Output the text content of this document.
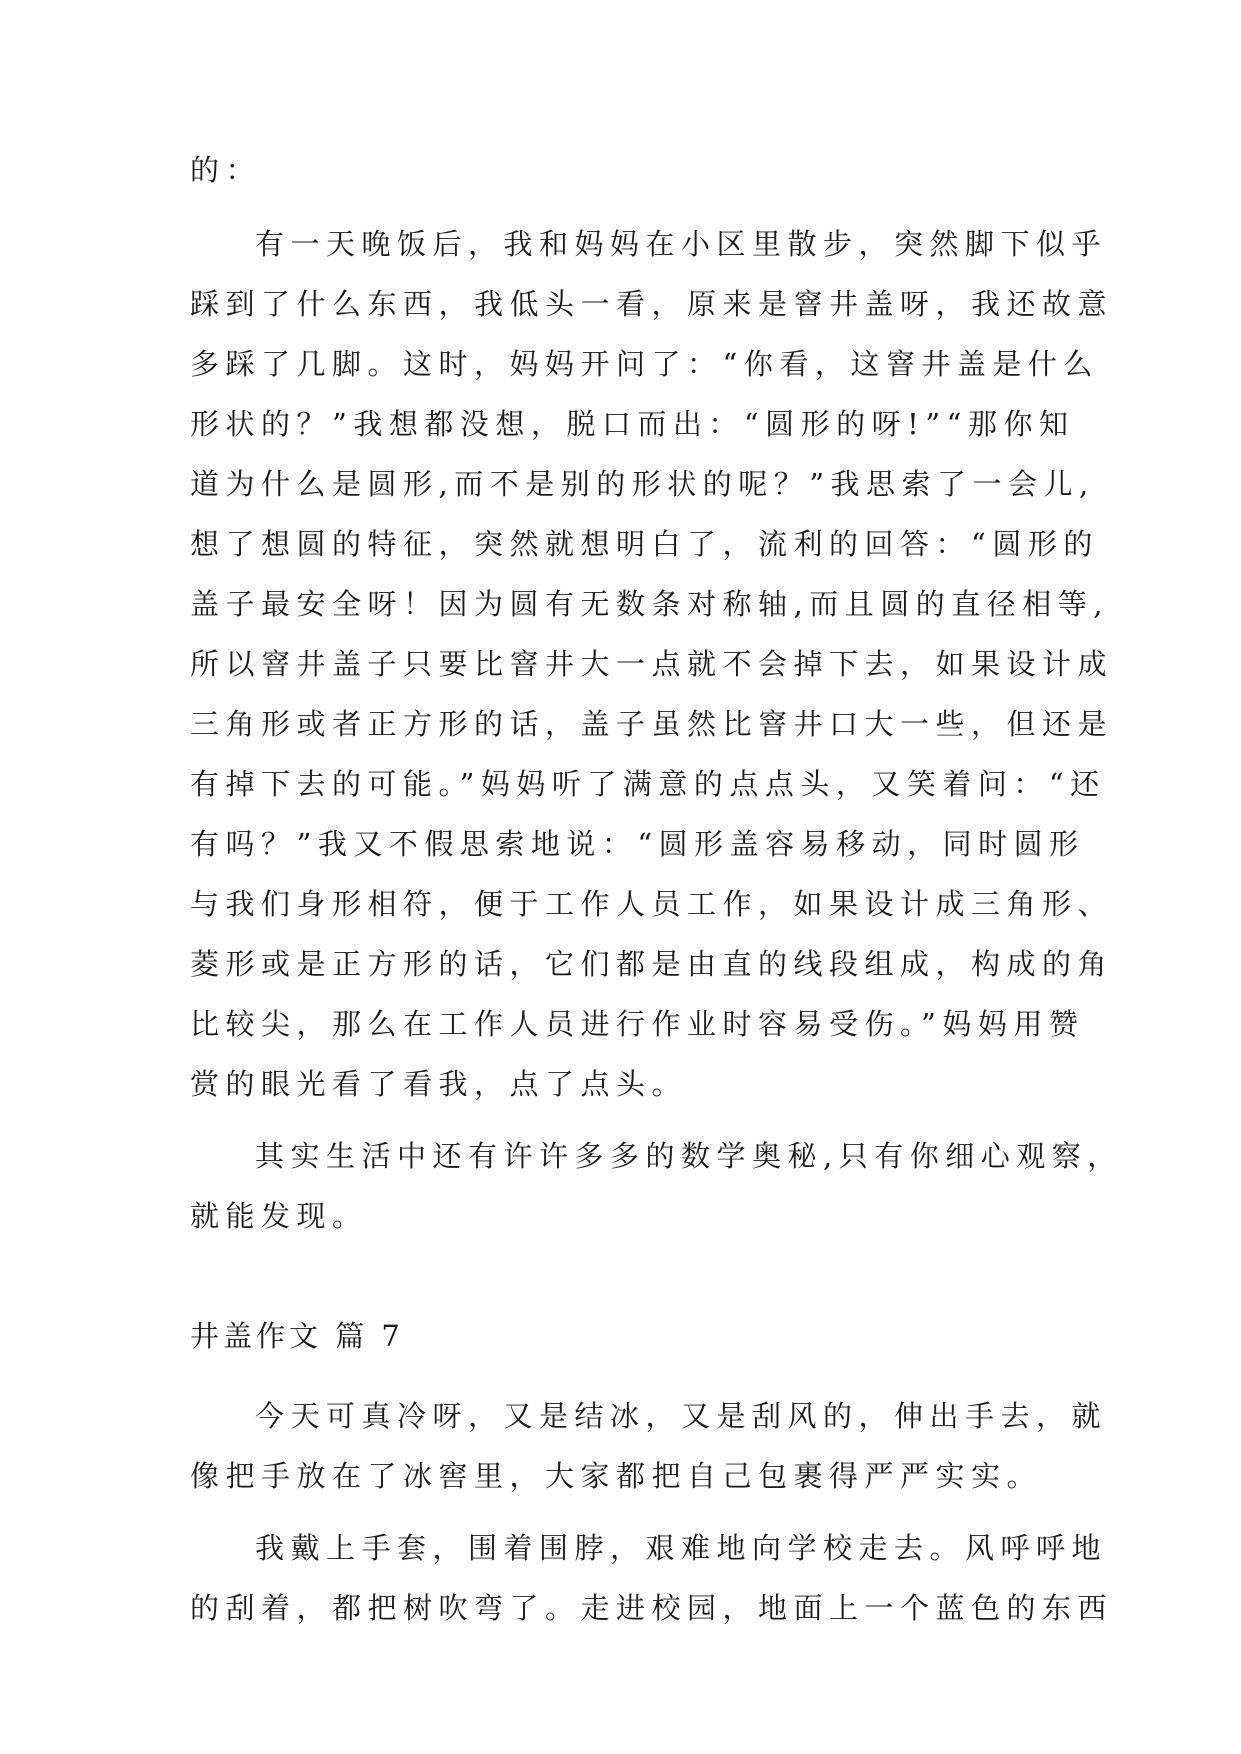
的：
有一天晚饭后，我和妈妈在小区里散步，突然脚下似乎
踩到了什么东西，我低头一看，原来是窨井盖呀，我还故意
多踩了几脚。这时，妈妈开问了：“你看，这窨井盖是什么
形状的？”我想都没想，脱口而出：“圆形的呀!”“那你知
道为什么是圆形,而不是别的形状的呢？”我思索了一会儿,
想了想圆的特征，突然就想明白了，流利的回答：“圆形的
盖子最安全呀！因为圆有无数条对称轴,而且圆的直径相等,
所以窨井盖子只要比窨井大一点就不会掉下去，如果设计成
三角形或者正方形的话，盖子虽然比窨井口大一些，但还是
有掉下去的可能。”妈妈听了满意的点点头，又笑着问：“还
有吗？”我又不假思索地说：“圆形盖容易移动，同时圆形
与我们身形相符，便于工作人员工作，如果设计成三角形、
菱形或是正方形的话，它们都是由直的线段组成，构成的角
比较尖，那么在工作人员进行作业时容易受伤。”妈妈用赞
赏的眼光看了看我，点了点头。
其实生活中还有许许多多的数学奥秘,只有你细心观察，
就能发现。
井盖作文 篇 7
今天可真冷呀，又是结冰，又是刮风的，伸出手去，就
像把手放在了冰窖里，大家都把自己包裹得严严实实。
我戴上手套，围着围脖，艰难地向学校走去。风呼呼地
的刮着，都把树吹弯了。走进校园，地面上一个蓝色的东西
